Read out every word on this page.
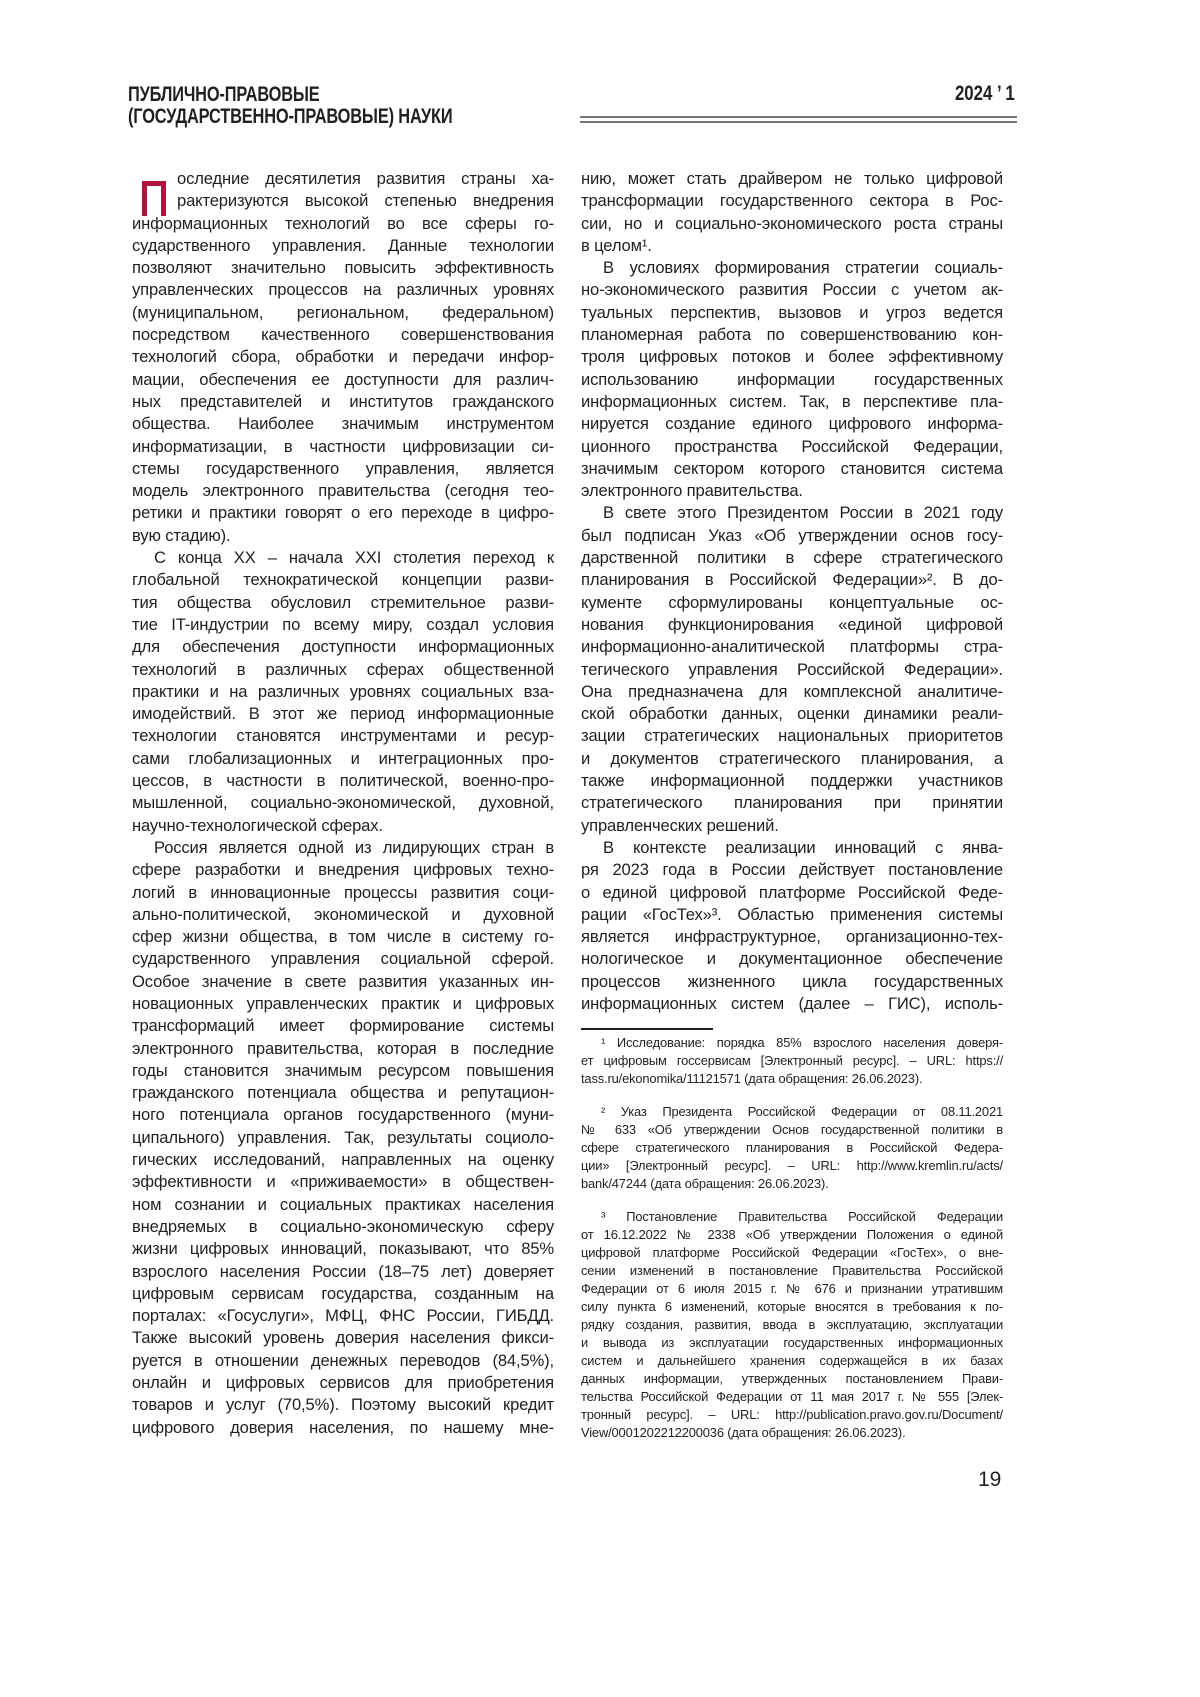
ПУБЛИЧНО-ПРАВОВЫЕ
(ГОСУДАРСТВЕННО-ПРАВОВЫЕ) НАУКИ
2024 ’ 1
оследние десятилетия развития страны ха-
рактеризуются высокой степенью внедрения
информационных технологий во все сферы го-
сударственного управления. Данные технологии
позволяют значительно повысить эффективность
управленческих процессов на различных уровнях
(муниципальном, региональном, федеральном)
посредством качественного совершенствования
технологий сбора, обработки и передачи инфор-
мации, обеспечения ее доступности для различ-
ных представителей и институтов гражданского
общества. Наиболее значимым инструментом
информатизации, в частности цифровизации си-
стемы государственного управления, является
модель электронного правительства (сегодня тео-
ретики и практики говорят о его переходе в цифро-
вую стадию).
С конца XX – начала XXI столетия переход к
глобальной технократической концепции разви-
тия общества обусловил стремительное разви-
тие IT-индустрии по всему миру, создал условия
для обеспечения доступности информационных
технологий в различных сферах общественной
практики и на различных уровнях социальных вза-
имодействий. В этот же период информационные
технологии становятся инструментами и ресур-
сами глобализационных и интеграционных про-
цессов, в частности в политической, военно-про-
мышленной, социально-экономической, духовной,
научно-технологической сферах.
Россия является одной из лидирующих стран в
сфере разработки и внедрения цифровых техно-
логий в инновационные процессы развития соци-
ально-политической, экономической и духовной
сфер жизни общества, в том числе в систему го-
сударственного управления социальной сферой.
Особое значение в свете развития указанных ин-
новационных управленческих практик и цифровых
трансформаций имеет формирование системы
электронного правительства, которая в последние
годы становится значимым ресурсом повышения
гражданского потенциала общества и репутацион-
ного потенциала органов государственного (муни-
ципального) управления. Так, результаты социоло-
гических исследований, направленных на оценку
эффективности и «приживаемости» в обществен-
ном сознании и социальных практиках населения
внедряемых в социально-экономическую сферу
жизни цифровых инноваций, показывают, что 85%
взрослого населения России (18–75 лет) доверяет
цифровым сервисам государства, созданным на
порталах: «Госуслуги», МФЦ, ФНС России, ГИБДД.
Также высокий уровень доверия населения фикси-
руется в отношении денежных переводов (84,5%),
онлайн и цифровых сервисов для приобретения
товаров и услуг (70,5%). Поэтому высокий кредит
цифрового доверия населения, по нашему мне-
нию, может стать драйвером не только цифровой
трансформации государственного сектора в Рос-
сии, но и социально-экономического роста страны
в целом¹.
В условиях формирования стратегии социаль-
но-экономического развития России с учетом ак-
туальных перспектив, вызовов и угроз ведется
планомерная работа по совершенствованию кон-
троля цифровых потоков и более эффективному
использованию информации государственных
информационных систем. Так, в перспективе пла-
нируется создание единого цифрового информа-
ционного пространства Российской Федерации,
значимым сектором которого становится система
электронного правительства.
В свете этого Президентом России в 2021 году
был подписан Указ «Об утверждении основ госу-
дарственной политики в сфере стратегического
планирования в Российской Федерации»². В до-
кументе сформулированы концептуальные ос-
нования функционирования «единой цифровой
информационно-аналитической платформы стра-
тегического управления Российской Федерации».
Она предназначена для комплексной аналитиче-
ской обработки данных, оценки динамики реали-
зации стратегических национальных приоритетов
и документов стратегического планирования, а
также информационной поддержки участников
стратегического планирования при принятии
управленческих решений.
В контексте реализации инноваций с янва-
ря 2023 года в России действует постановление
о единой цифровой платформе Российской Феде-
рации «ГосТех»³. Областью применения системы
является инфраструктурное, организационно-тех-
нологическое и документационное обеспечение
процессов жизненного цикла государственных
информационных систем (далее – ГИС), исполь-
¹ Исследование: порядка 85% взрослого населения доверя-
ет цифровым госсервисам [Электронный ресурс]. – URL: https://
tass.ru/ekonomika/11121571 (дата обращения: 26.06.2023).
² Указ Президента Российской Федерации от 08.11.2021
№ 633 «Об утверждении Основ государственной политики в
сфере стратегического планирования в Российской Федера-
ции» [Электронный ресурс]. – URL: http://www.kremlin.ru/acts/
bank/47244 (дата обращения: 26.06.2023).
³ Постановление Правительства Российской Федерации
от 16.12.2022 № 2338 «Об утверждении Положения о единой
цифровой платформе Российской Федерации «ГосТех», о вне-
сении изменений в постановление Правительства Российской
Федерации от 6 июля 2015 г. № 676 и признании утратившим
силу пункта 6 изменений, которые вносятся в требования к по-
рядку создания, развития, ввода в эксплуатацию, эксплуатации
и вывода из эксплуатации государственных информационных
систем и дальнейшего хранения содержащейся в их базах
данных информации, утвержденных постановлением Прави-
тельства Российской Федерации от 11 мая 2017 г. № 555 [Элек-
тронный ресурс]. – URL: http://publication.pravo.gov.ru/Document/
View/0001202212200036 (дата обращения: 26.06.2023).
19
